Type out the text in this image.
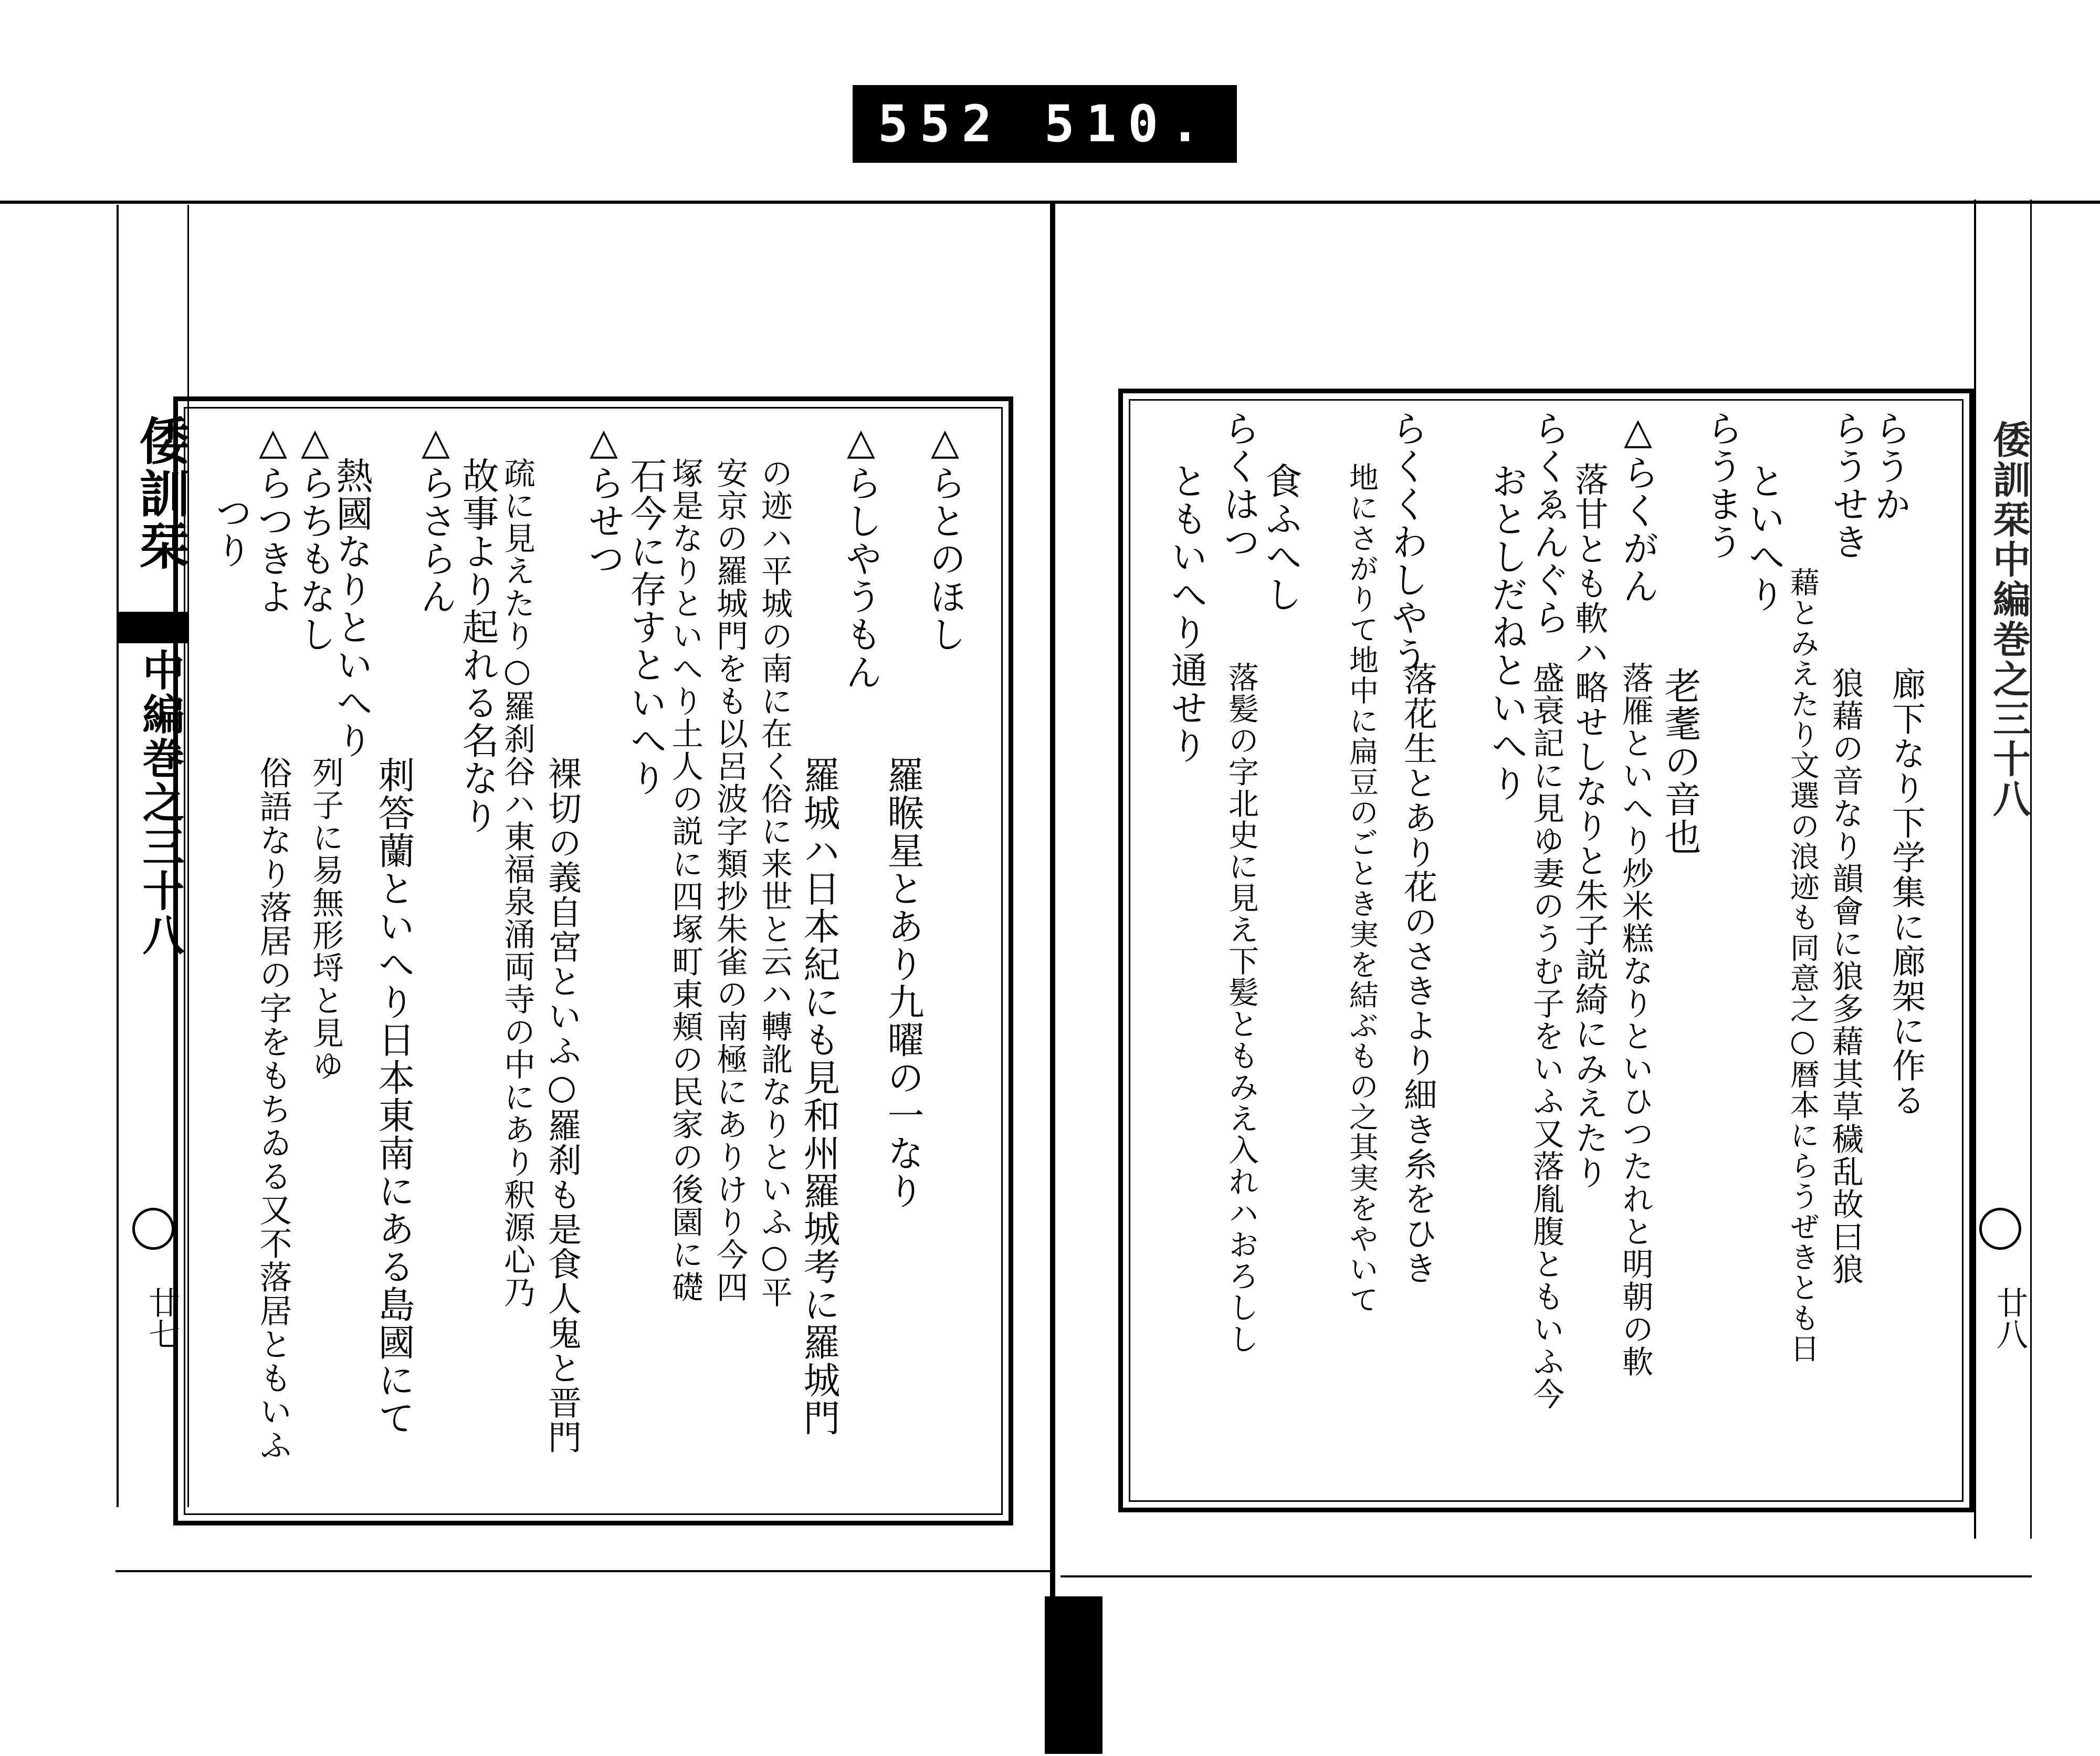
552 510.
倭訓栞
中編巻之三十八
廿七
△らとのほし
羅睺星とあり九曜の一なり
△らしやうもん
羅城ハ日本紀にも見和州羅城考に羅城門
の迹ハ平城の南に在く俗に来世と云ハ轉訛なりといふ○平
安京の羅城門をも以呂波字類抄朱雀の南極にありけり今四
塚是なりといへり土人の説に四塚町東頬の民家の後園に礎
石今に存すといへり
△らせつ
裸切の義自宮といふ○羅刹も是食人鬼と晋門
疏に見えたり○羅刹谷ハ東福泉涌両寺の中にあり釈源心乃
故事より起れる名なり
△らさらん
刺答蘭といへり日本東南にある島國にて
熱國なりといへり
△らちもなし
列子に易無形埒と見ゆ
△らつきよ
俗語なり落居の字をもちゐる又不落居ともいふ
つり	倭訓栞中編巻之三十八
廿八
らうか
廊下なり下学集に廊架に作る
らうせき
狼藉の音なり韻會に狼多藉其草穢乱故曰狼
藉とみえたり文選の浪迹も同意之○暦本にらうぜきとも日
といへり
らうまう
老耄の音也
△らくがん
落雁といへり炒米糕なりといひつたれと明朝の軟
落甘とも軟ハ略せしなりと朱子説綺にみえたり
らくゑんぐら
盛衰記に見ゆ妻のうむ子をいふ又落胤腹ともいふ今
おとしだねといへり
らくくわしやう
落花生とあり花のさきより細き糸をひき
地にさがりて地中に扁豆のごとき実を結ぶもの之其実をやいて
食ふへし
らくはつ
落髪の字北史に見え下髪ともみえ入れハおろしし
ともいへり通せり
